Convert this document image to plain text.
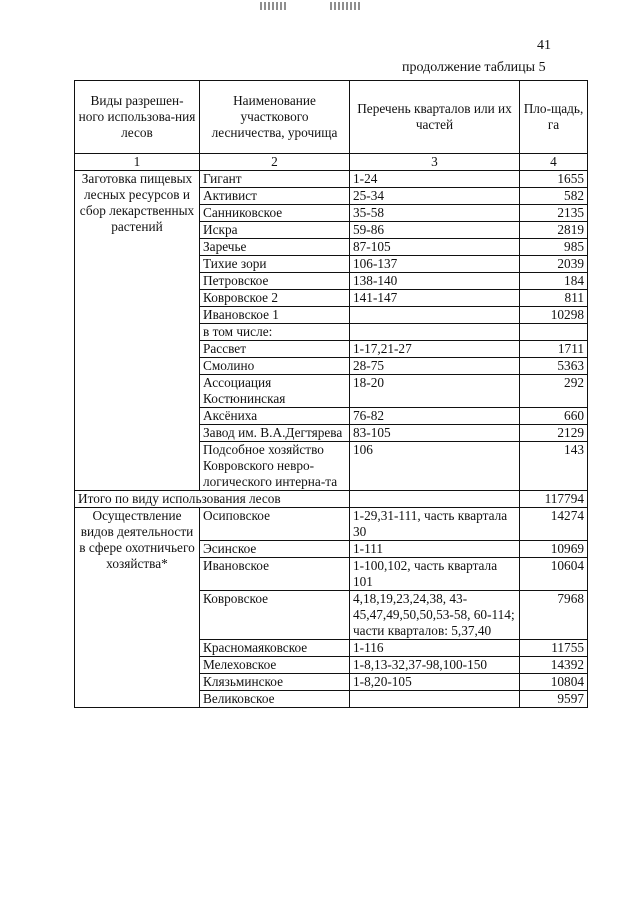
41
продолжение таблицы 5
Виды разрешен-ного использова-ния лесов	Наименование участкового лесничества, урочища	Перечень кварталов или их частей	Пло-щадь, га
1	2	3	4
Заготовка пищевых лесных ресурсов и сбор лекарственных растений	Гигант	1-24	1655
	Активист	25-34	582
	Санниковское	35-58	2135
	Искра	59-86	2819
	Заречье	87-105	985
	Тихие зори	106-137	2039
	Петровское	138-140	184
	Ковровское 2	141-147	811
	Ивановское 1		10298
	в том числе:		
	Рассвет	1-17,21-27	1711
	Смолино	28-75	5363
	Ассоциация Костюнинская	18-20	292
	Аксёниха	76-82	660
	Завод им. В.А.Дегтярева	83-105	2129
	Подсобное хозяйство Ковровского невро-логического интерна-та	106	143
Итого по виду использования лесов			117794
Осуществление видов деятельности в сфере охотничьего хозяйства*	Осиповское	1-29,31-111, часть квартала 30	14274
	Эсинское	1-111	10969
	Ивановское	1-100,102, часть квартала 101	10604
	Ковровское	4,18,19,23,24,38, 43-45,47,49,50,50,53-58, 60-114; части кварталов: 5,37,40	7968
	Красномаяковское	1-116	11755
	Мелеховское	1-8,13-32,37-98,100-150	14392
	Клязьминское	1-8,20-105	10804
	Великовское		9597
